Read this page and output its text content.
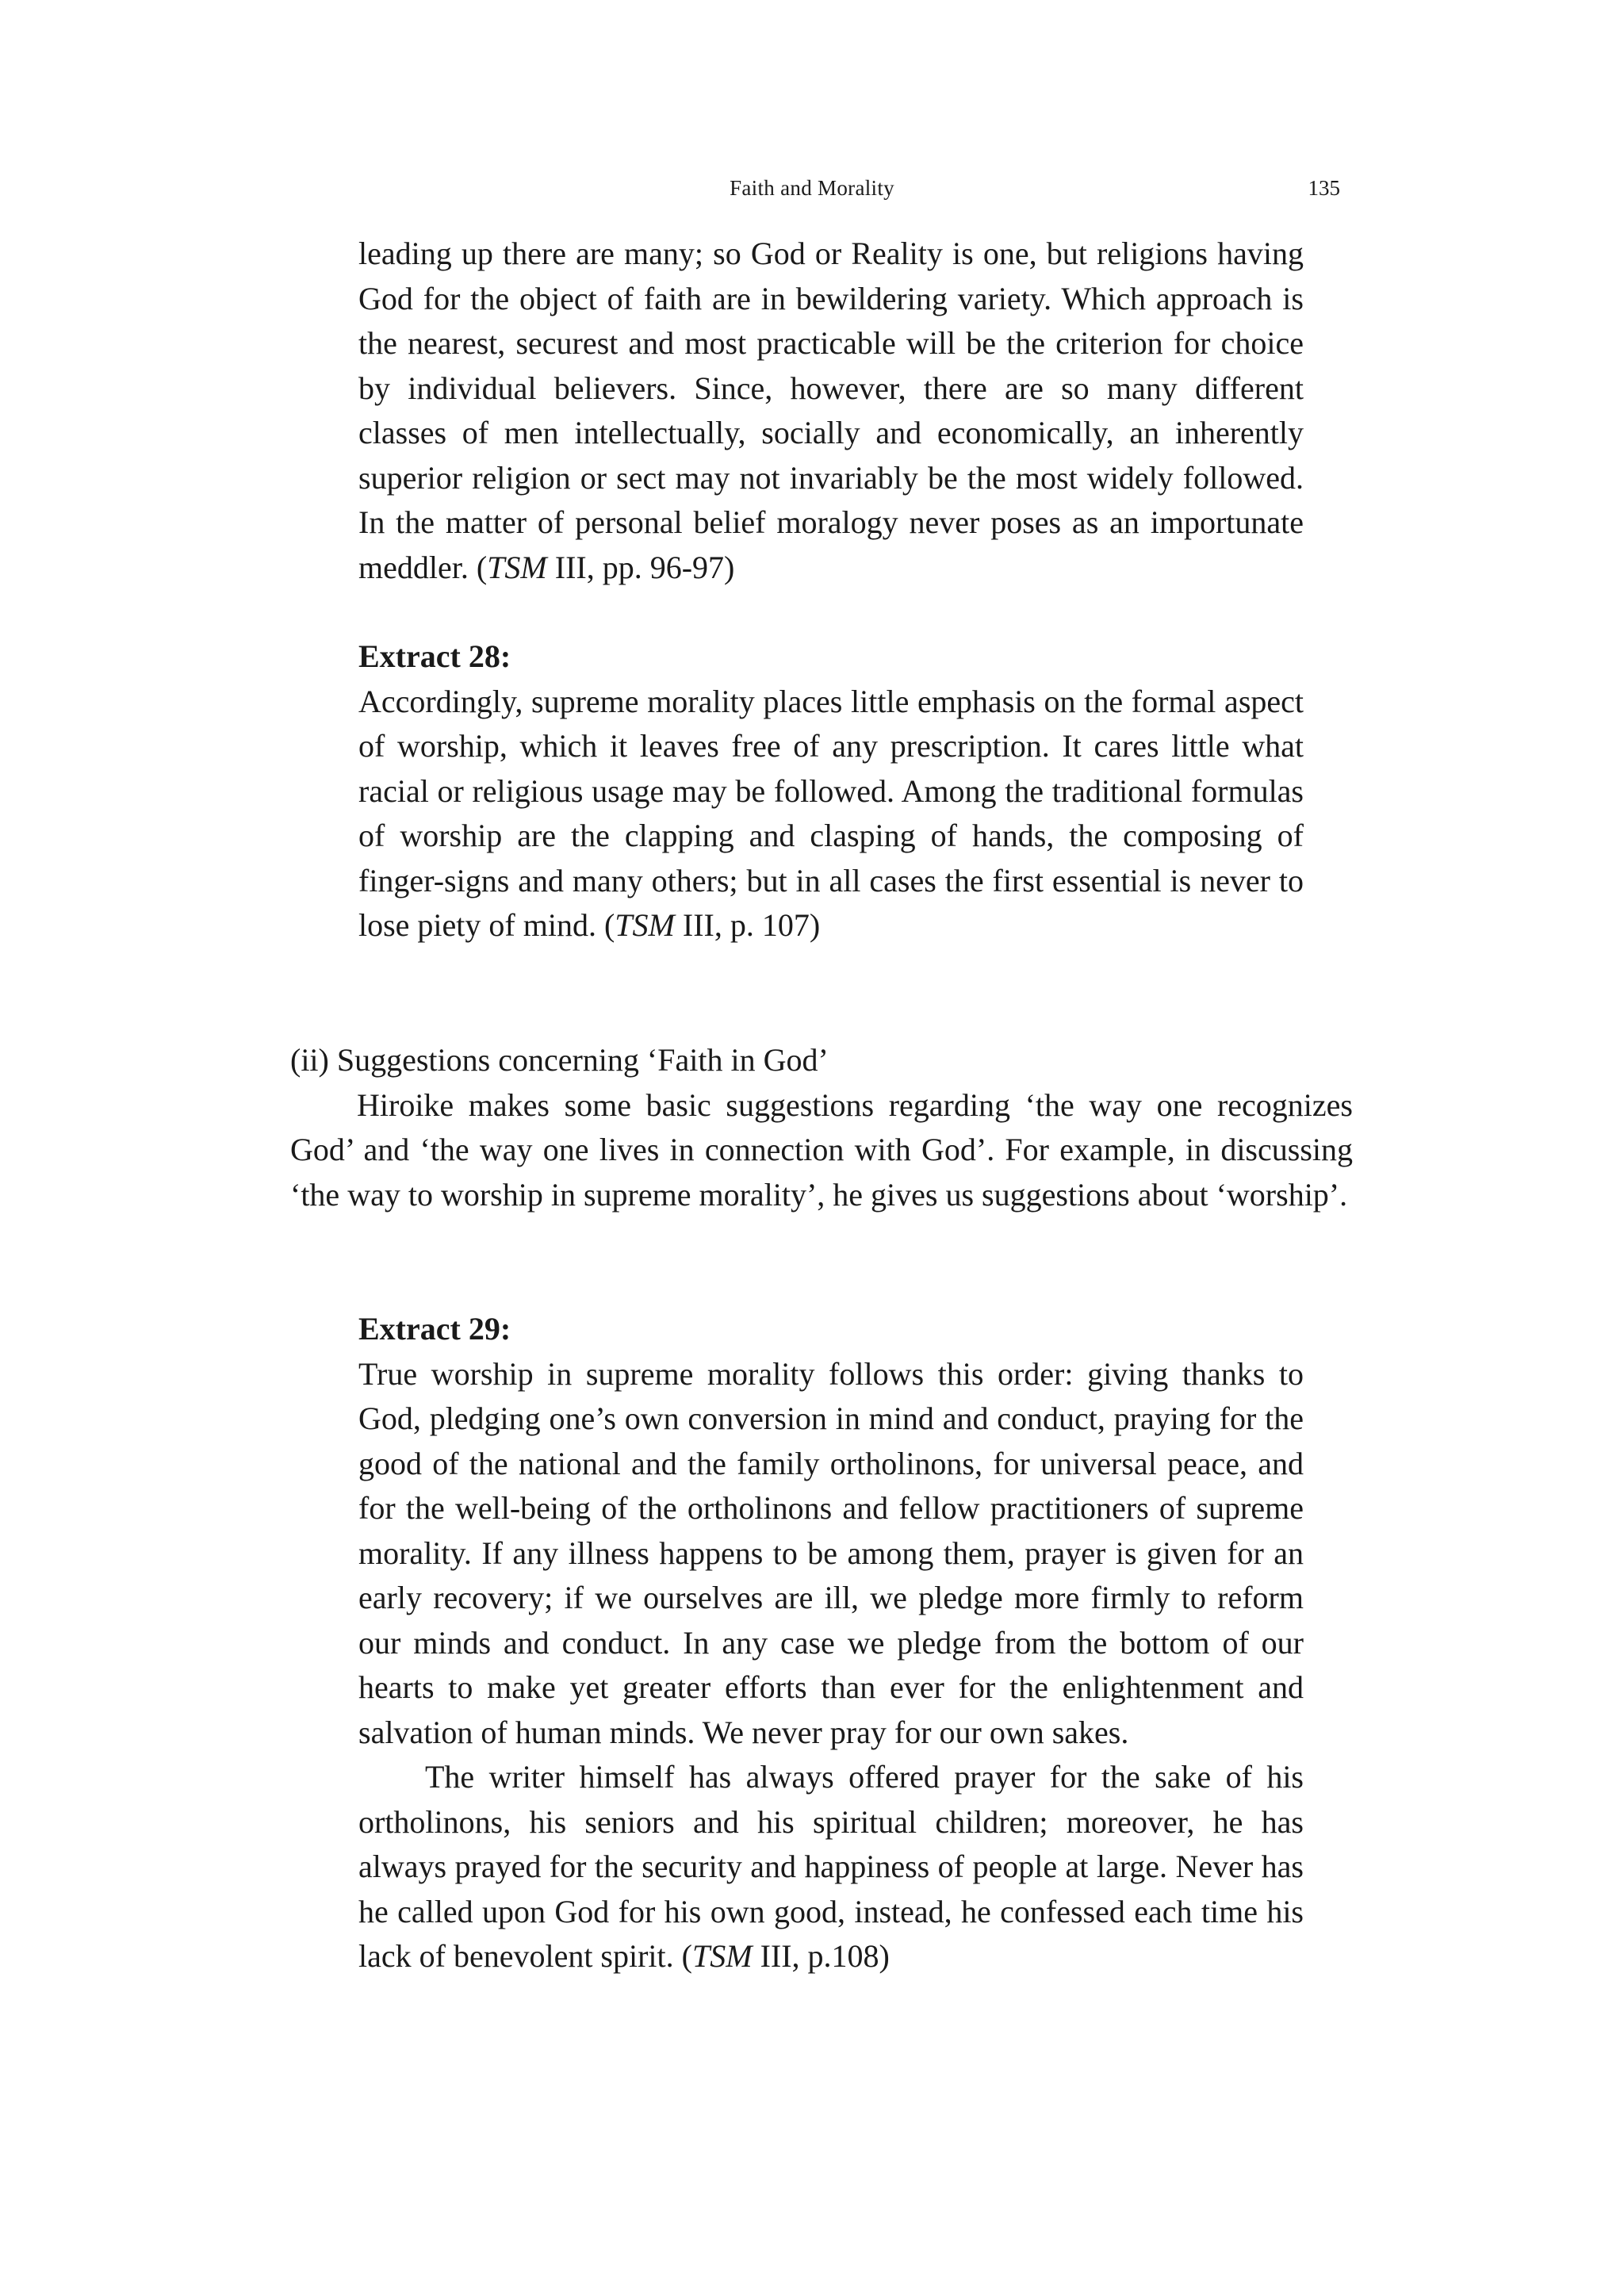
Faith and Morality	135

leading up there are many; so God or Reality is one, but religions having God for the object of faith are in bewildering variety. Which approach is the nearest, securest and most practicable will be the criterion for choice by individual believers. Since, however, there are so many different classes of men intellectually, socially and economically, an inherently superior religion or sect may not invariably be the most widely followed. In the matter of personal belief moralogy never poses as an importunate meddler. (TSM III, pp. 96-97)

Extract 28:

Accordingly, supreme morality places little emphasis on the formal aspect of worship, which it leaves free of any prescription. It cares little what racial or religious usage may be followed. Among the traditional formulas of worship are the clapping and clasping of hands, the composing of finger-signs and many others; but in all cases the first essential is never to lose piety of mind. (TSM III, p. 107)

(ii) Suggestions concerning ‘Faith in God’

Hiroike makes some basic suggestions regarding ‘the way one recognizes God’ and ‘the way one lives in connection with God’. For example, in discussing ‘the way to worship in supreme morality’, he gives us suggestions about ‘worship’.

Extract 29:

True worship in supreme morality follows this order: giving thanks to God, pledging one’s own conversion in mind and conduct, praying for the good of the national and the family ortholinons, for universal peace, and for the well-being of the ortholinons and fellow practitioners of supreme morality. If any illness happens to be among them, prayer is given for an early recovery; if we ourselves are ill, we pledge more firmly to reform our minds and conduct. In any case we pledge from the bottom of our hearts to make yet greater efforts than ever for the enlightenment and salvation of human minds. We never pray for our own sakes.

The writer himself has always offered prayer for the sake of his ortholinons, his seniors and his spiritual children; moreover, he has always prayed for the security and happiness of people at large. Never has he called upon God for his own good, instead, he confessed each time his lack of benevolent spirit. (TSM III, p.108)
